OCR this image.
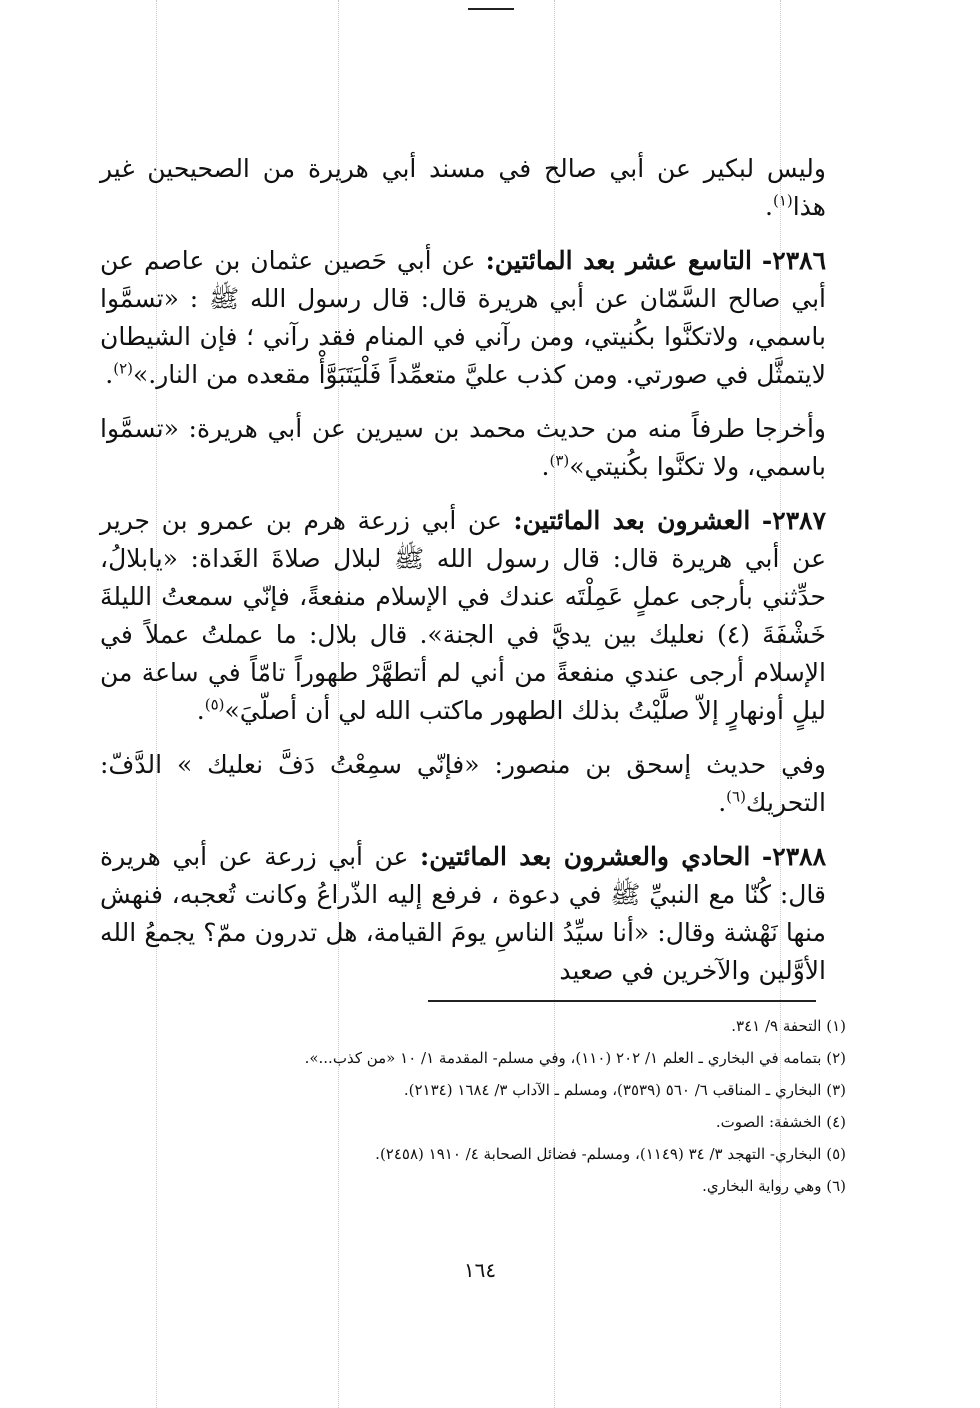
وليس لبكير عن أبي صالح في مسند أبي هريرة من الصحيحين غير هذا$^{(١)}$.

٢٣٨٦- التاسع عشر بعد المائتين: عن أبي حَصين عثمان بن عاصم عن أبي صالح السَّمّان عن أبي هريرة قال: قال رسول الله ﷺ : «تسمَّوا باسمي، ولاتكنَّوا بكُنيتي، ومن رآني في المنام فقد رآني ؛ فإن الشيطان لايتمثَّل في صورتي. ومن كذب عليَّ متعمِّداً فَلْيَتَبَوَّأْ مقعده من النار.»$^{(٢)}$.

وأخرجا طرفاً منه من حديث محمد بن سيرين عن أبي هريرة: «تسمَّوا باسمي، ولا تكنَّوا بكُنيتي»$^{(٣)}$.

٢٣٨٧- العشرون بعد المائتين: عن أبي زرعة هرم بن عمرو بن جرير عن أبي هريرة قال: قال رسول الله ﷺ لبلال صلاةَ الغَداة: «يابلالُ، حدِّثني بأرجى عملٍ عَمِلْتَه عندك في الإسلام منفعةً، فإنّي سمعتُ الليلةَ خَشْفَةَ (٤) نعليك بين يديَّ في الجنة». قال بلال: ما عملتُ عملاً في الإسلام أرجى عندي منفعةً من أني لم أتطهَّرْ طهوراً تامّاً في ساعة من ليلٍ أونهارٍ إلاّ صلَّيْتُ بذلك الطهور ماكتب الله لي أن أصلّيَ»$^{(٥)}$.

وفي حديث إسحق بن منصور: «فإنّي سمِعْتُ دَفَّ نعليك » الدَّفّ: التحريك$^{(٦)}$.

٢٣٨٨- الحادي والعشرون بعد المائتين: عن أبي زرعة عن أبي هريرة قال: كُنّا مع النبيِّ ﷺ في دعوة ، فرفع إليه الذّراعُ وكانت تُعجبه، فنهش منها نَهْشة وقال: «أنا سيِّدُ الناسِ يومَ القيامة، هل تدرون ممّ؟ يجمعُ الله الأوَّلين والآخرين في صعيد

(١) التحفة ٩/ ٣٤١.
(٢) بتمامه في البخاري ـ العلم ١/ ٢٠٢ (١١٠)، وفي مسلم- المقدمة ١/ ١٠ «من كذب...».
(٣) البخاري ـ المناقب ٦/ ٥٦٠ (٣٥٣٩)، ومسلم ـ الآداب ٣/ ١٦٨٤ (٢١٣٤).
(٤) الخشفة: الصوت.
(٥) البخاري- التهجد ٣/ ٣٤ (١١٤٩)، ومسلم- فضائل الصحابة ٤/ ١٩١٠ (٢٤٥٨).
(٦) وهي رواية البخاري.
١٦٤
